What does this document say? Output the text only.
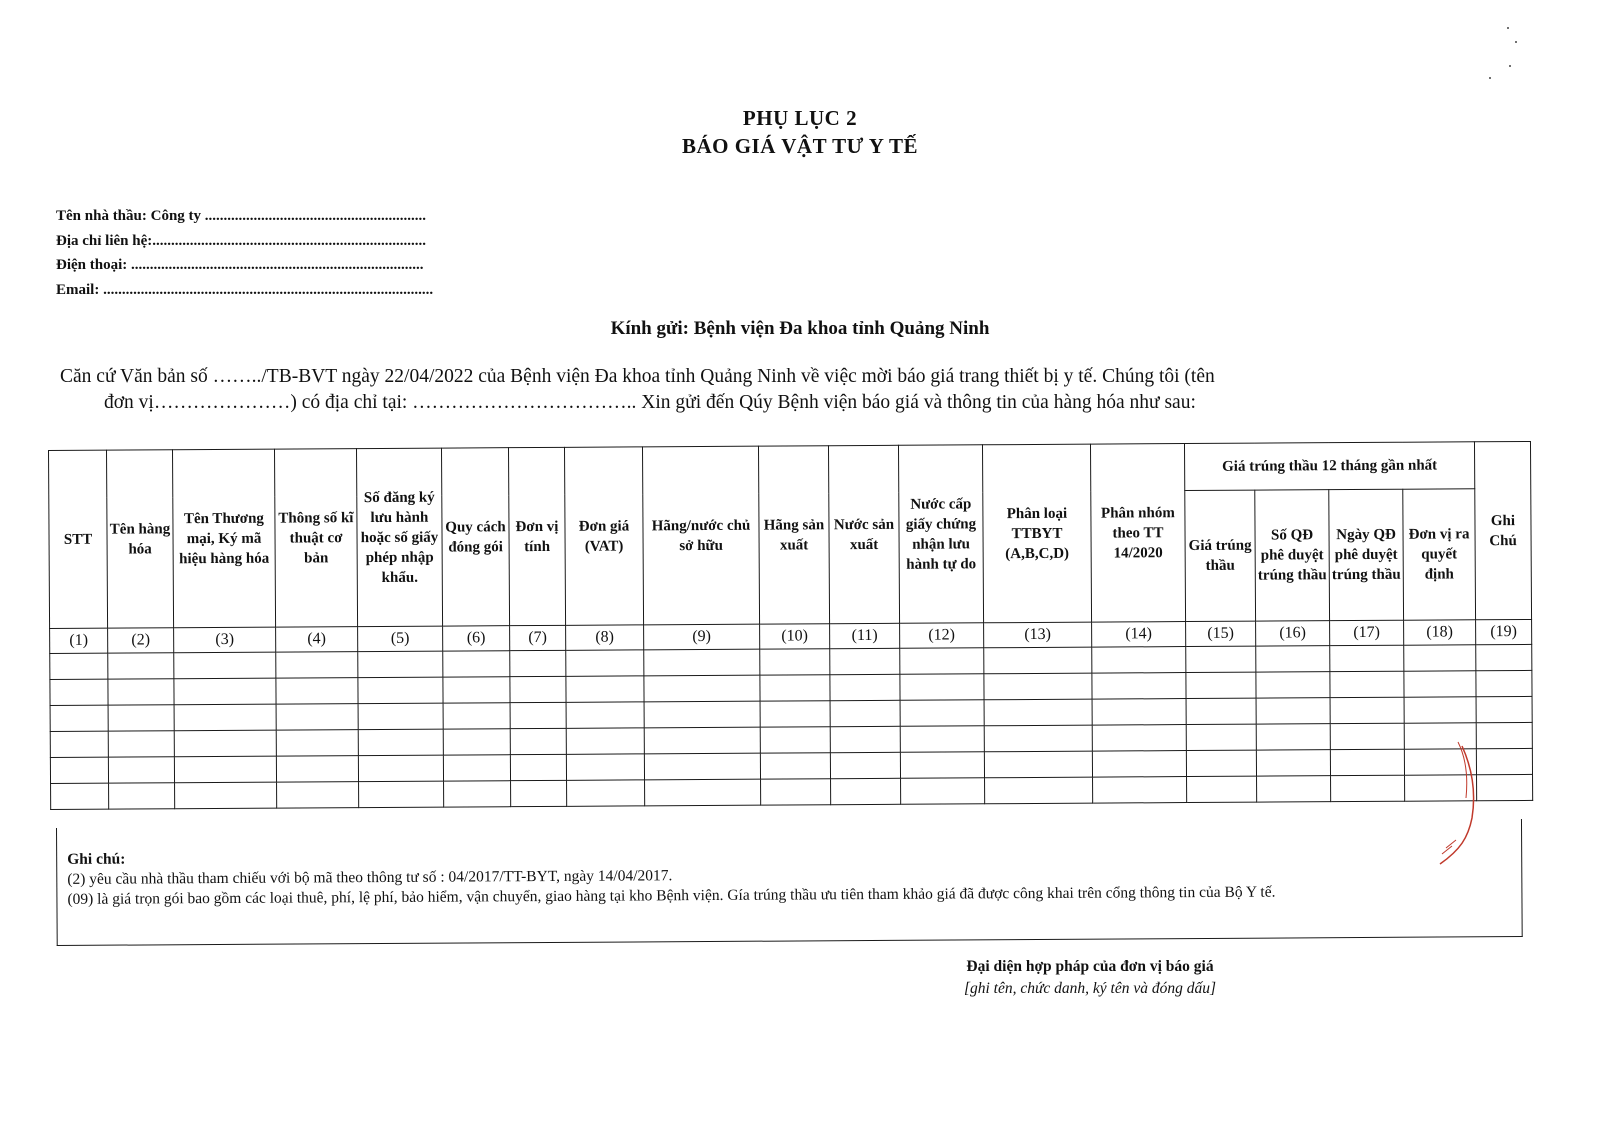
PHỤ LỤC 2
BÁO GIÁ VẬT TƯ Y TẾ
Tên nhà thầu: Công ty ...........................................................
Địa chỉ liên hệ:.........................................................................
Điện thoại: ..............................................................................
Email: ........................................................................................
Kính gửi: Bệnh viện Đa khoa tỉnh Quảng Ninh
Căn cứ Văn bản số ……../TB-BVT ngày 22/04/2022 của Bệnh viện Đa khoa tỉnh Quảng Ninh về việc mời báo giá trang thiết bị y tế. Chúng tôi (tên
đơn vị…………………) có địa chỉ tại: …………………………….. Xin gửi đến Qúy Bệnh viện báo giá và thông tin của hàng hóa như sau:
STT	Tên hàng hóa	Tên Thương mại, Ký mã hiệu hàng hóa	Thông số kĩ thuật cơ bản	Số đăng ký lưu hành hoặc số giấy phép nhập khẩu.	Quy cách đóng gói	Đơn vị tính	Đơn giá (VAT)	Hãng/nước chủ sở hữu	Hãng sản xuất	Nước sản xuất	Nước cấp giấy chứng nhận lưu hành tự do	Phân loại TTBYT (A,B,C,D)	Phân nhóm theo TT 14/2020	Giá trúng thầu 12 tháng gần nhất				Ghi Chú
														Giá trúng thầu	Số QĐ phê duyệt trúng thầu	Ngày QĐ phê duyệt trúng thầu	Đơn vị ra quyết định	
(1)	(2)	(3)	(4)	(5)	(6)	(7)	(8)	(9)	(10)	(11)	(12)	(13)	(14)	(15)	(16)	(17)	(18)	(19)

Ghi chú:
(2) yêu cầu nhà thầu tham chiếu với bộ mã theo thông tư số : 04/2017/TT-BYT, ngày 14/04/2017.
(09) là giá trọn gói bao gồm các loại thuê, phí, lệ phí, bảo hiểm, vận chuyển, giao hàng tại kho Bệnh viện. Gía trúng thầu ưu tiên tham khảo giá đã được công khai trên cổng thông tin của Bộ Y tế.
Đại diện hợp pháp của đơn vị báo giá
[ghi tên, chức danh, ký tên và đóng dấu]
